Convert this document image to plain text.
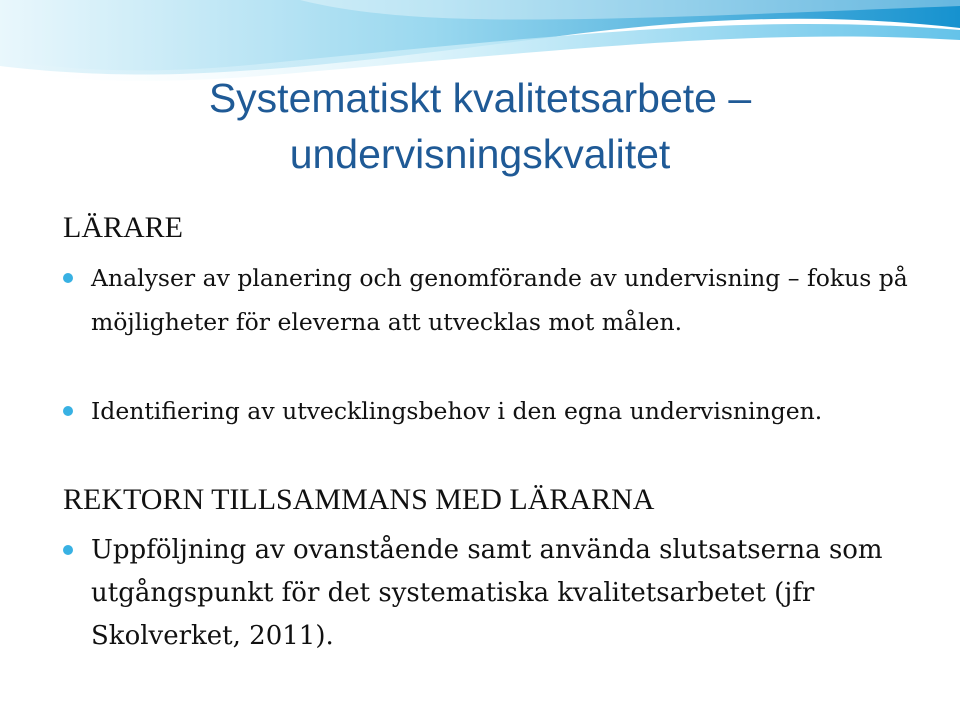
Systematiskt kvalitetsarbete –
undervisningskvalitet
LÄRARE
Analyser av planering och genomförande av undervisning – fokus på möjligheter för eleverna att utvecklas mot målen.
Identifiering av utvecklingsbehov i den egna undervisningen.
REKTORN TILLSAMMANS MED LÄRARNA
Uppföljning av ovanstående samt använda slutsatserna som utgångspunkt för det systematiska kvalitetsarbetet (jfr Skolverket, 2011).
